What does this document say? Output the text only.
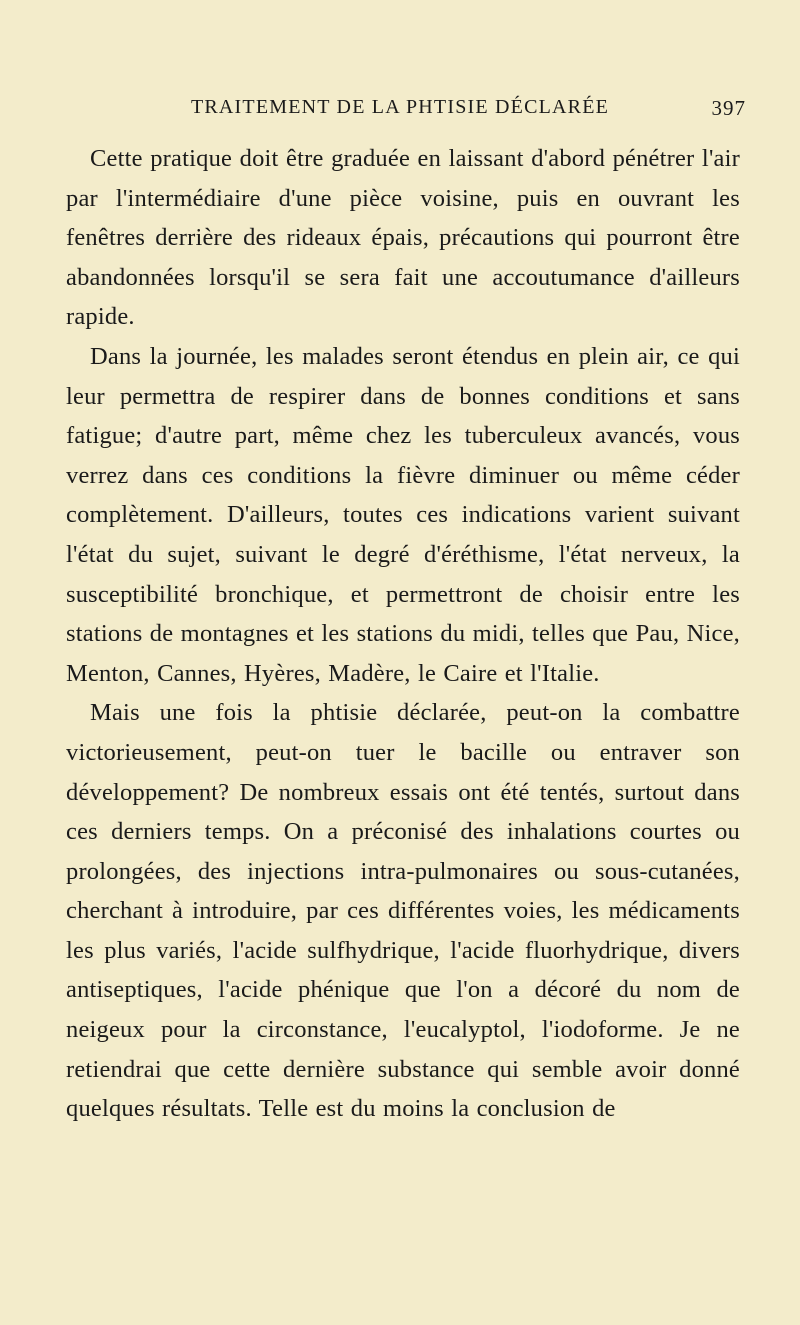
TRAITEMENT DE LA PHTISIE DÉCLARÉE	397

Cette pratique doit être graduée en laissant d'abord pénétrer l'air par l'intermédiaire d'une pièce voisine, puis en ouvrant les fenêtres derrière des rideaux épais, précautions qui pourront être abandonnées lorsqu'il se sera fait une accoutumance d'ailleurs rapide.

Dans la journée, les malades seront étendus en plein air, ce qui leur permettra de respirer dans de bonnes conditions et sans fatigue; d'autre part, même chez les tuberculeux avancés, vous verrez dans ces conditions la fièvre diminuer ou même céder complètement. D'ailleurs, toutes ces indications varient suivant l'état du sujet, suivant le degré d'éréthisme, l'état nerveux, la susceptibilité bronchique, et permettront de choisir entre les stations de montagnes et les stations du midi, telles que Pau, Nice, Menton, Cannes, Hyères, Madère, le Caire et l'Italie.

Mais une fois la phtisie déclarée, peut-on la combattre victorieusement, peut-on tuer le bacille ou entraver son développement? De nombreux essais ont été tentés, surtout dans ces derniers temps. On a préconisé des inhalations courtes ou prolongées, des injections intra-pulmonaires ou sous-cutanées, cherchant à introduire, par ces différentes voies, les médicaments les plus variés, l'acide sulfhydrique, l'acide fluorhydrique, divers antiseptiques, l'acide phénique que l'on a décoré du nom de neigeux pour la circonstance, l'eucalyptol, l'iodoforme. Je ne retiendrai que cette dernière substance qui semble avoir donné quelques résultats. Telle est du moins la conclusion de
